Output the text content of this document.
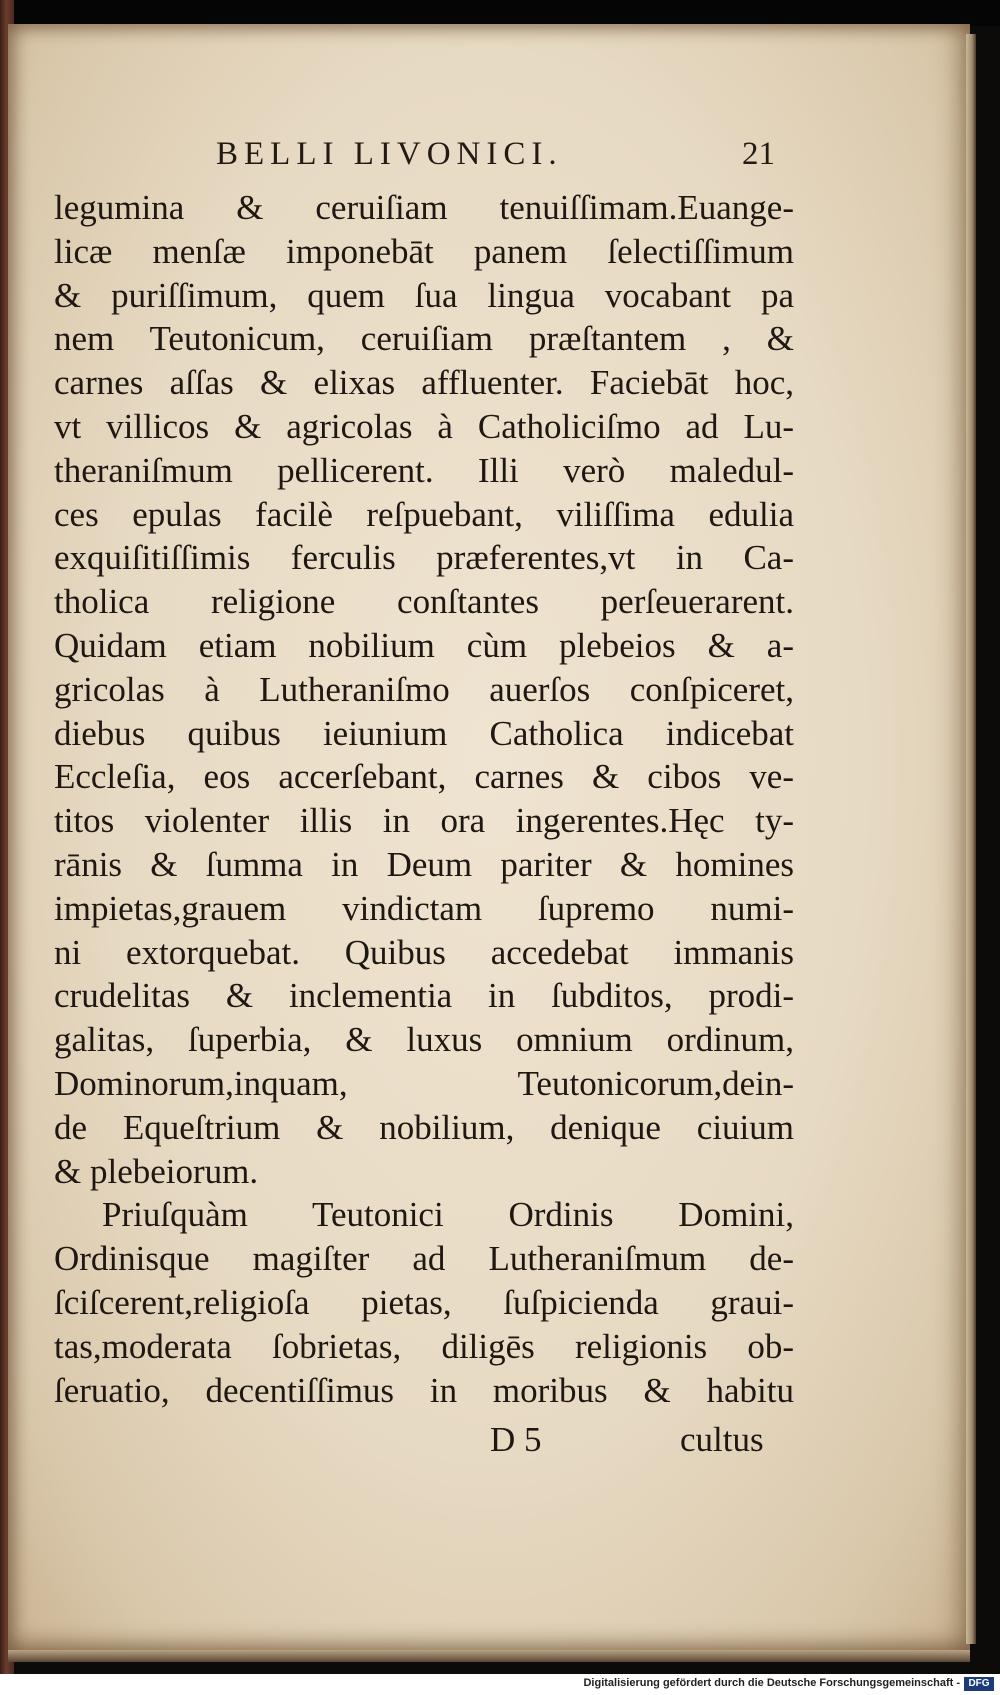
BELLI LIVONICI.	21
legumina & ceruiſiam tenuiſſimam.Euange-
licæ menſæ imponebāt panem ſelectiſſimum
& puriſſimum, quem ſua lingua vocabant pa
nem Teutonicum, ceruiſiam præſtantem , &
carnes aſſas & elixas affluenter. Faciebāt hoc,
vt villicos & agricolas à Catholiciſmo ad Lu-
theraniſmum pellicerent. Illi verò maledul-
ces epulas facilè reſpuebant, viliſſima edulia
exquiſitiſſimis ferculis præferentes,vt in Ca-
tholica religione conſtantes perſeuerarent.
Quidam etiam nobilium cùm plebeios & a-
gricolas à Lutheraniſmo auerſos conſpiceret,
diebus quibus ieiunium Catholica indicebat
Eccleſia, eos accerſebant, carnes & cibos ve-
titos violenter illis in ora ingerentes.Hęc ty-
rānis & ſumma in Deum pariter & homines
impietas,grauem vindictam ſupremo numi-
ni extorquebat. Quibus accedebat immanis
crudelitas & inclementia in ſubditos, prodi-
galitas, ſuperbia, & luxus omnium ordinum,
Dominorum,inquam, Teutonicorum,dein-
de Equeſtrium & nobilium, denique ciuium
& plebeiorum.
Priuſquàm Teutonici Ordinis Domini,
Ordinisque magiſter ad Lutheraniſmum de-
ſciſcerent,religioſa pietas, ſuſpicienda graui-
tas,moderata ſobrietas, diligēs religionis ob-
ſeruatio, decentiſſimus in moribus & habitu
D 5	cultus
Digitalisierung gefördert durch die Deutsche Forschungsgemeinschaft - DFG
